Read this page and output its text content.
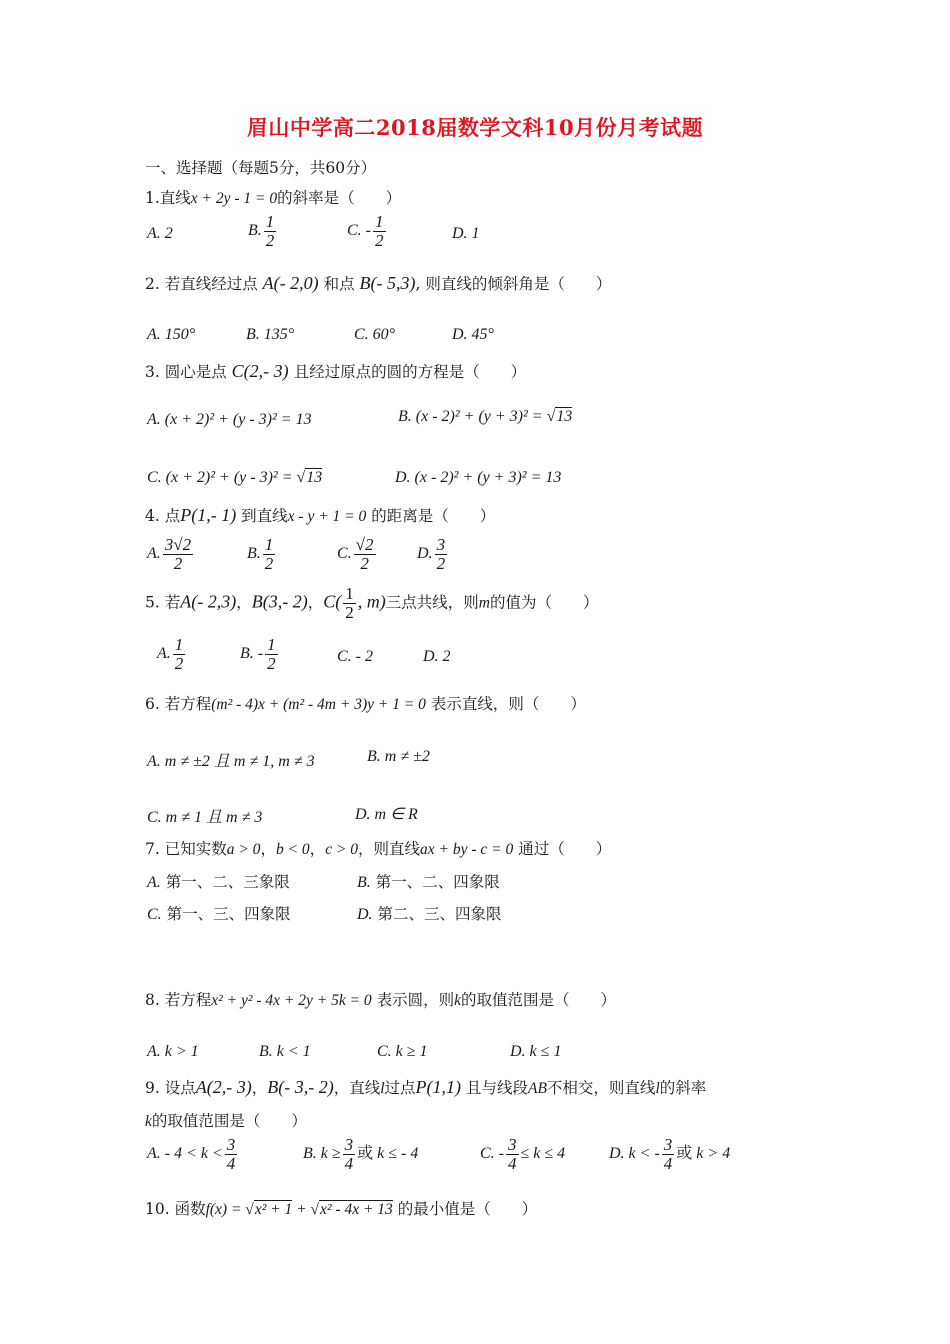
眉山中学高二2018届数学文科10月份月考试题
一、选择题（每题5分，共60分）
1.直线x + 2y - 1 = 0的斜率是（　　）
A. 2	B. $\frac{1}{2}$	C. - $\frac{1}{2}$	D. 1
2. 若直线经过点 A(- 2,0) 和点 B(- 5,3), 则直线的倾斜角是（　　）
A. 150°	B. 135°	C. 60°	D. 45°
3. 圆心是点 C(2,- 3) 且经过原点的圆的方程是（　　）
A. (x + 2)² + (y - 3)² = 13	B. (x - 2)² + (y + 3)² = √13
C. (x + 2)² + (y - 3)² = √13	D. (x - 2)² + (y + 3)² = 13
4. 点P(1,- 1) 到直线x - y + 1 = 0 的距离是（　　）
A. $\frac{3√2}{2}$	B. $\frac{1}{2}$	C. $\frac{√2}{2}$	D. $\frac{3}{2}$
5. 若A(- 2,3)，B(3,- 2)，$C( \frac{1}{2}$ , m)三点共线，则m的值为（　　）
A. $\frac{1}{2}$	B. - $\frac{1}{2}$	C. - 2	D. 2
6. 若方程(m² - 4)x + (m² - 4m + 3)y + 1 = 0 表示直线，则（　　）
A. m ≠ ±2 且 m ≠ 1, m ≠ 3	B. m ≠ ±2
C. m ≠ 1 且 m ≠ 3	D. m ∈ R
7. 已知实数a > 0，b < 0，c > 0，则直线ax + by - c = 0 通过（　　）
A. 第一、二、三象限	B. 第一、二、四象限
C. 第一、三、四象限	D. 第二、三、四象限
8. 若方程x² + y² - 4x + 2y + 5k = 0 表示圆，则k的取值范围是（　　）
A. k > 1	B. k < 1	C. k ≥ 1	D. k ≤ 1
9. 设点A(2,- 3)，B(- 3,- 2)，直线l过点P(1,1) 且与线段AB不相交，则直线l的斜率
k的取值范围是（　　）
A. - $4 < k < \frac{3}{4}$	B. $k \ge \frac{3}{4}$ 或 k ≤ - 4	C. - $\frac{3}{4} \le k \le 4$	D. k < - $\frac{3}{4}$ 或 k > 4
10. 函数f(x) = √x² + 1 + √x² - 4x + 13 的最小值是（　　）
